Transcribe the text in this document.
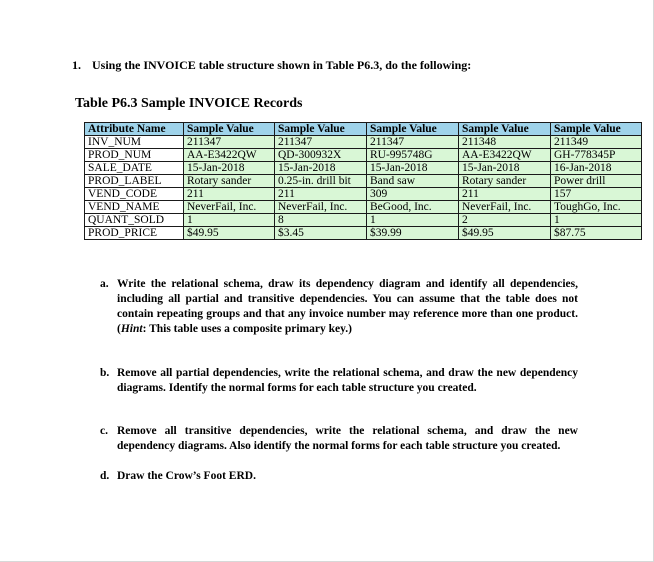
1. Using the INVOICE table structure shown in Table P6.3, do the following:
Table P6.3 Sample INVOICE Records
Attribute Name	Sample Value	Sample Value	Sample Value	Sample Value	Sample Value
INV_NUM	211347	211347	211347	211348	211349
PROD_NUM	AA-E3422QW	QD-300932X	RU-995748G	AA-E3422QW	GH-778345P
SALE_DATE	15-Jan-2018	15-Jan-2018	15-Jan-2018	15-Jan-2018	16-Jan-2018
PROD_LABEL	Rotary sander	0.25-in. drill bit	Band saw	Rotary sander	Power drill
VEND_CODE	211	211	309	211	157
VEND_NAME	NeverFail, Inc.	NeverFail, Inc.	BeGood, Inc.	NeverFail, Inc.	ToughGo, Inc.
QUANT_SOLD	1	8	1	2	1
PROD_PRICE	$49.95	$3.45	$39.99	$49.95	$87.75
a. Write the relational schema, draw its dependency diagram and identify all dependencies, including all partial and transitive dependencies. You can assume that the table does not contain repeating groups and that any invoice number may reference more than one product. (Hint: This table uses a composite primary key.)
b. Remove all partial dependencies, write the relational schema, and draw the new dependency diagrams. Identify the normal forms for each table structure you created.
c. Remove all transitive dependencies, write the relational schema, and draw the new dependency diagrams. Also identify the normal forms for each table structure you created.
d. Draw the Crow’s Foot ERD.
